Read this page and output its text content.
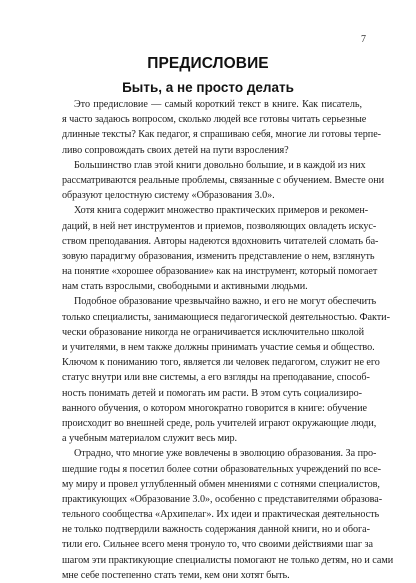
7
ПРЕДИСЛОВИЕ
Быть, а не просто делать
Это предисловие — самый короткий текст в книге. Как писатель,
я часто задаюсь вопросом, сколько людей все готовы читать серьезные
длинные тексты? Как педагог, я спрашиваю себя, многие ли готовы терпе-
ливо сопровождать своих детей на пути взросления?
Большинство глав этой книги довольно большие, и в каждой из них
рассматриваются реальные проблемы, связанные с обучением. Вместе они
образуют целостную систему «Образования 3.0».
Хотя книга содержит множество практических примеров и рекомен-
даций, в ней нет инструментов и приемов, позволяющих овладеть искус-
ством преподавания. Авторы надеются вдохновить читателей сломать ба-
зовую парадигму образования, изменить представление о нем, взглянуть
на понятие «хорошее образование» как на инструмент, который помогает
нам стать взрослыми, свободными и активными людьми.
Подобное образование чрезвычайно важно, и его не могут обеспечить
только специалисты, занимающиеся педагогической деятельностью. Факти-
чески образование никогда не ограничивается исключительно школой
и учителями, в нем также должны принимать участие семья и общество.
Ключом к пониманию того, является ли человек педагогом, служит не его
статус внутри или вне системы, а его взгляды на преподавание, способ-
ность понимать детей и помогать им расти. В этом суть социализиро-
ванного обучения, о котором многократно говорится в книге: обучение
происходит во внешней среде, роль учителей играют окружающие люди,
а учебным материалом служит весь мир.
Отрадно, что многие уже вовлечены в эволюцию образования. За про-
шедшие годы я посетил более сотни образовательных учреждений по все-
му миру и провел углубленный обмен мнениями с сотнями специалистов,
практикующих «Образование 3.0», особенно с представителями образова-
тельного сообщества «Архипелаг». Их идеи и практическая деятельность
не только подтвердили важность содержания данной книги, но и обога-
тили его. Сильнее всего меня тронуло то, что своими действиями шаг за
шагом эти практикующие специалисты помогают не только детям, но и сами
мне себе постепенно стать теми, кем они хотят быть.
